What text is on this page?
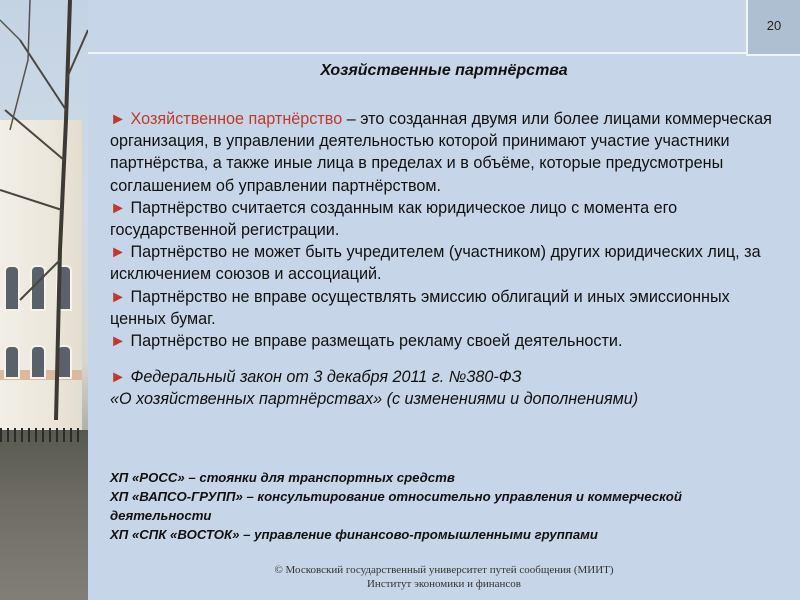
20
Хозяйственные партнёрства

► Хозяйственное партнёрство – это созданная двумя или более лицами коммерческая организация, в управлении деятельностью которой принимают участие участники партнёрства, а также иные лица в пределах и в объёме, которые предусмотрены соглашением об управлении партнёрством.

► Партнёрство считается созданным как юридическое лицо с момента его государственной регистрации.

► Партнёрство не может быть учредителем (участником) других юридических лиц, за исключением союзов и ассоциаций.

► Партнёрство не вправе осуществлять эмиссию облигаций и иных эмиссионных ценных бумаг.

► Партнёрство не вправе размещать рекламу своей деятельности.

► Федеральный закон от 3 декабря 2011 г. №380-ФЗ
«О хозяйственных партнёрствах» (с изменениями и дополнениями)
ХП «РОСС» – стоянки для транспортных средств
ХП «ВАПСО-ГРУПП» – консультирование относительно управления и коммерческой деятельности
ХП «СПК «ВОСТОК» – управление финансово-промышленными группами
© Московский государственный университет путей сообщения (МИИТ)
Институт экономики и финансов
